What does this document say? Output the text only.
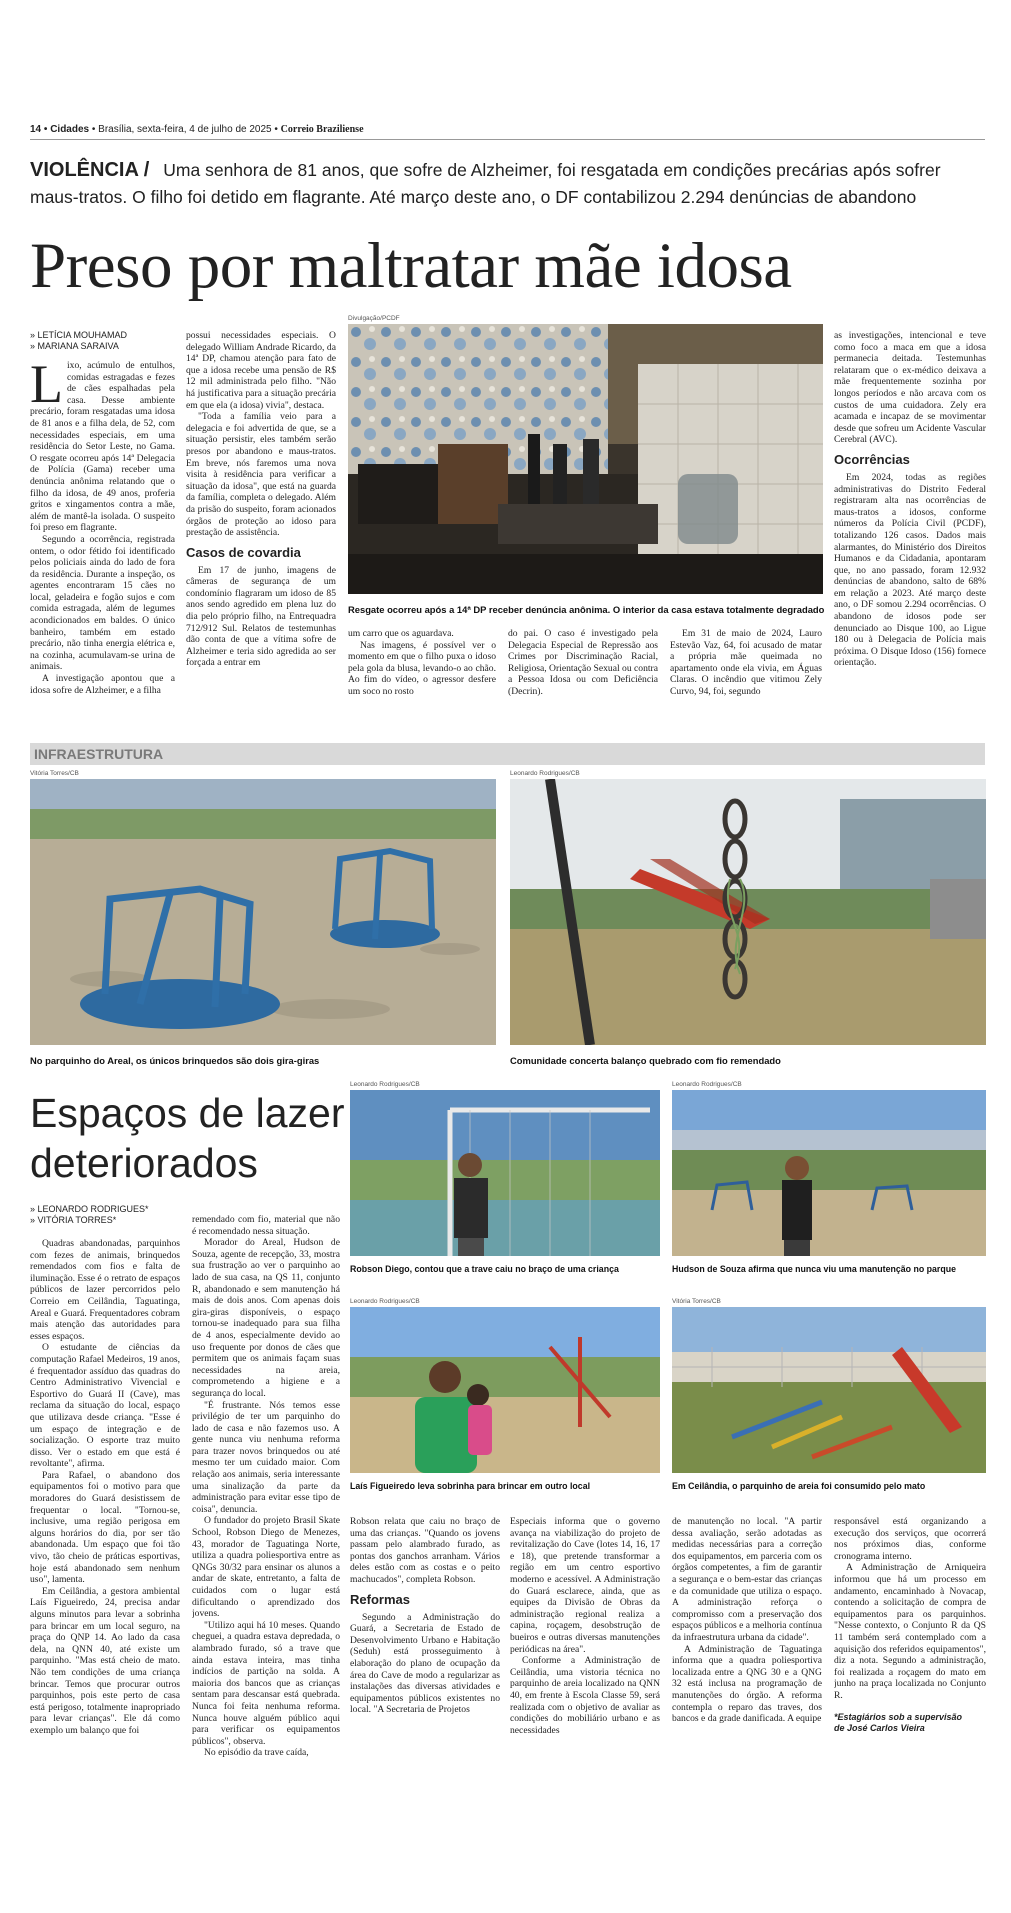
14 • Cidades • Brasília, sexta-feira, 4 de julho de 2025 • Correio Braziliense
VIOLÊNCIA / Uma senhora de 81 anos, que sofre de Alzheimer, foi resgatada em condições precárias após sofrer
maus-tratos. O filho foi detido em flagrante. Até março deste ano, o DF contabilizou 2.294 denúncias de abandono
Preso por maltratar mãe idosa
» LETÍCIA MOUHAMAD
» MARIANA SARAIVA
L ixo, acúmulo de entulhos, comidas estragadas e fezes de cães espalhadas pela casa. Desse ambiente precário, foram resgatadas uma idosa de 81 anos e a filha dela, de 52, com necessidades especiais, em uma residência do Setor Leste, no Gama. O resgate ocorreu após 14ª Delegacia de Polícia (Gama) receber uma denúncia anônima relatando que o filho da idosa, de 49 anos, proferia gritos e xingamentos contra a mãe, além de mantê-la isolada. O suspeito foi preso em flagrante.

Segundo a ocorrência, registrada ontem, o odor fétido foi identificado pelos policiais ainda do lado de fora da residência. Durante a inspeção, os agentes encontraram 15 cães no local, geladeira e fogão sujos e com comida estragada, além de legumes acondicionados em baldes. O único banheiro, também em estado precário, não tinha energia elétrica e, na cozinha, acumulavam-se urina de animais.

A investigação apontou que a idosa sofre de Alzheimer, e a filha

possui necessidades especiais. O delegado William Andrade Ricardo, da 14ª DP, chamou atenção para fato de que a idosa recebe uma pensão de R$ 12 mil administrada pelo filho. "Não há justificativa para a situação precária em que ela (a idosa) vivia", destaca.

"Toda a família veio para a delegacia e foi advertida de que, se a situação persistir, eles também serão presos por abandono e maus-tratos. Em breve, nós faremos uma nova visita à residência para verificar a situação da idosa", que está na guarda da família, completa o delegado. Além da prisão do suspeito, foram acionados órgãos de proteção ao idoso para prestação de assistência.

Casos de covardia

Em 17 de junho, imagens de câmeras de segurança de um condomínio flagraram um idoso de 85 anos sendo agredido em plena luz do dia pelo próprio filho, na Entrequadra 712/912 Sul. Relatos de testemunhas dão conta de que a vítima sofre de Alzheimer e teria sido agredida ao ser forçada a entrar em

Divulgação/PCDF
Resgate ocorreu após a 14ª DP receber denúncia anônima. O interior da casa estava totalmente degradado

um carro que os aguardava.

Nas imagens, é possível ver o momento em que o filho puxa o idoso pela gola da blusa, levando-o ao chão. Ao fim do vídeo, o agressor desfere um soco no rosto

do pai. O caso é investigado pela Delegacia Especial de Repressão aos Crimes por Discriminação Racial, Religiosa, Orientação Sexual ou contra a Pessoa Idosa ou com Deficiência (Decrin).

Em 31 de maio de 2024, Lauro Estevão Vaz, 64, foi acusado de matar a própria mãe queimada no apartamento onde ela vivia, em Águas Claras. O incêndio que vitimou Zely Curvo, 94, foi, segundo

as investigações, intencional e teve como foco a maca em que a idosa permanecia deitada. Testemunhas relataram que o ex-médico deixava a mãe frequentemente sozinha por longos períodos e não arcava com os custos de uma cuidadora. Zely era acamada e incapaz de se movimentar desde que sofreu um Acidente Vascular Cerebral (AVC).

Ocorrências

Em 2024, todas as regiões administrativas do Distrito Federal registraram alta nas ocorrências de maus-tratos a idosos, conforme números da Polícia Civil (PCDF), totalizando 126 casos. Dados mais alarmantes, do Ministério dos Direitos Humanos e da Cidadania, apontaram que, no ano passado, foram 12.932 denúncias de abandono, salto de 68% em relação a 2023. Até março deste ano, o DF somou 2.294 ocorrências. O abandono de idosos pode ser denunciado ao Disque 100, ao Ligue 180 ou à Delegacia de Polícia mais próxima. O Disque Idoso (156) fornece orientação.

INFRAESTRUTURA
Vitória Torres/CB
No parquinho do Areal, os únicos brinquedos são dois gira-giras
Leonardo Rodrigues/CB
Comunidade concerta balanço quebrado com fio remendado
Espaços de lazer
deteriorados
Leonardo Rodrigues/CB
Robson Diego, contou que a trave caiu no braço de uma criança
Leonardo Rodrigues/CB
Hudson de Souza afirma que nunca viu uma manutenção no parque
Leonardo Rodrigues/CB
Laís Figueiredo leva sobrinha para brincar em outro local
Vitória Torres/CB
Em Ceilândia, o parquinho de areia foi consumido pelo mato
» LEONARDO RODRIGUES*
» VITÓRIA TORRES*

Quadras abandonadas, parquinhos com fezes de animais, brinquedos remendados com fios e falta de iluminação. Esse é o retrato de espaços públicos de lazer percorridos pelo Correio em Ceilândia, Taguatinga, Areal e Guará. Frequentadores cobram mais atenção das autoridades para esses espaços.

O estudante de ciências da computação Rafael Medeiros, 19 anos, é frequentador assíduo das quadras do Centro Administrativo Vivencial e Esportivo do Guará II (Cave), mas reclama da situação do local, espaço que utilizava desde criança. "Esse é um espaço de integração e de socialização. O esporte traz muito disso. Ver o estado em que está é revoltante", afirma.

Para Rafael, o abandono dos equipamentos foi o motivo para que moradores do Guará desistissem de frequentar o local. "Tornou-se, inclusive, uma região perigosa em alguns horários do dia, por ser tão abandonada. Um espaço que foi tão vivo, tão cheio de práticas esportivas, hoje está abandonado sem nenhum uso", lamenta.

Em Ceilândia, a gestora ambiental Laís Figueiredo, 24, precisa andar alguns minutos para levar a sobrinha para brincar em um local seguro, na praça do QNP 14. Ao lado da casa dela, na QNN 40, até existe um parquinho. "Mas está cheio de mato. Não tem condições de uma criança brincar. Temos que procurar outros parquinhos, pois este perto de casa está perigoso, totalmente inapropriado para levar crianças". Ele dá como exemplo um balanço que foi

remendado com fio, material que não é recomendado nessa situação.

Morador do Areal, Hudson de Souza, agente de recepção, 33, mostra sua frustração ao ver o parquinho ao lado de sua casa, na QS 11, conjunto R, abandonado e sem manutenção há mais de dois anos. Com apenas dois gira-giras disponíveis, o espaço tornou-se inadequado para sua filha de 4 anos, especialmente devido ao uso frequente por donos de cães que permitem que os animais façam suas necessidades na areia, comprometendo a higiene e a segurança do local.

"É frustrante. Nós temos esse privilégio de ter um parquinho do lado de casa e não fazemos uso. A gente nunca viu nenhuma reforma para trazer novos brinquedos ou até mesmo ter um cuidado maior. Com relação aos animais, seria interessante uma sinalização da parte da administração para evitar esse tipo de coisa", denuncia.

O fundador do projeto Brasil Skate School, Robson Diego de Menezes, 43, morador de Taguatinga Norte, utiliza a quadra poliesportiva entre as QNGs 30/32 para ensinar os alunos a andar de skate, entretanto, a falta de cuidados com o lugar está dificultando o aprendizado dos jovens.

"Utilizo aqui há 10 meses. Quando cheguei, a quadra estava depredada, o alambrado furado, só a trave que ainda estava inteira, mas tinha indícios de partição na solda. A maioria dos bancos que as crianças sentam para descansar está quebrada. Nunca foi feita nenhuma reforma. Nunca houve alguém público aqui para verificar os equipamentos públicos", observa.

No episódio da trave caída,

Robson relata que caiu no braço de uma das crianças. "Quando os jovens passam pelo alambrado furado, as pontas dos ganchos arranham. Vários deles estão com as costas e o peito machucados", completa Robson.

Reformas

Segundo a Administração do Guará, a Secretaria de Estado de Desenvolvimento Urbano e Habitação (Seduh) está prosseguimento à elaboração do plano de ocupação da área do Cave de modo a regularizar as instalações das diversas atividades e equipamentos públicos existentes no local. "A Secretaria de Projetos

Especiais informa que o governo avança na viabilização do projeto de revitalização do Cave (lotes 14, 16, 17 e 18), que pretende transformar a região em um centro esportivo moderno e acessível. A Administração do Guará esclarece, ainda, que as equipes da Divisão de Obras da administração regional realiza a capina, roçagem, desobstrução de bueiros e outras diversas manutenções periódicas na área".

Conforme a Administração de Ceilândia, uma vistoria técnica no parquinho de areia localizado na QNN 40, em frente à Escola Classe 59, será realizada com o objetivo de avaliar as condições do mobiliário urbano e as necessidades

de manutenção no local. "A partir dessa avaliação, serão adotadas as medidas necessárias para a correção dos equipamentos, em parceria com os órgãos competentes, a fim de garantir a segurança e o bem-estar das crianças e da comunidade que utiliza o espaço. A administração reforça o compromisso com a preservação dos espaços públicos e a melhoria contínua da infraestrutura urbana da cidade".

A Administração de Taguatinga informa que a quadra poliesportiva localizada entre a QNG 30 e a QNG 32 está inclusa na programação de manutenções do órgão. A reforma contempla o reparo das traves, dos bancos e da grade danificada. A equipe

responsável está organizando a execução dos serviços, que ocorrerá nos próximos dias, conforme cronograma interno.

A Administração de Arniqueira informou que há um processo em andamento, encaminhado à Novacap, contendo a solicitação de compra de equipamentos para os parquinhos. "Nesse contexto, o Conjunto R da QS 11 também será contemplado com a aquisição dos referidos equipamentos", diz a nota. Segundo a administração, foi realizada a roçagem do mato em junho na praça localizada no Conjunto R.

*Estagiários sob a supervisão
de José Carlos Vieira
